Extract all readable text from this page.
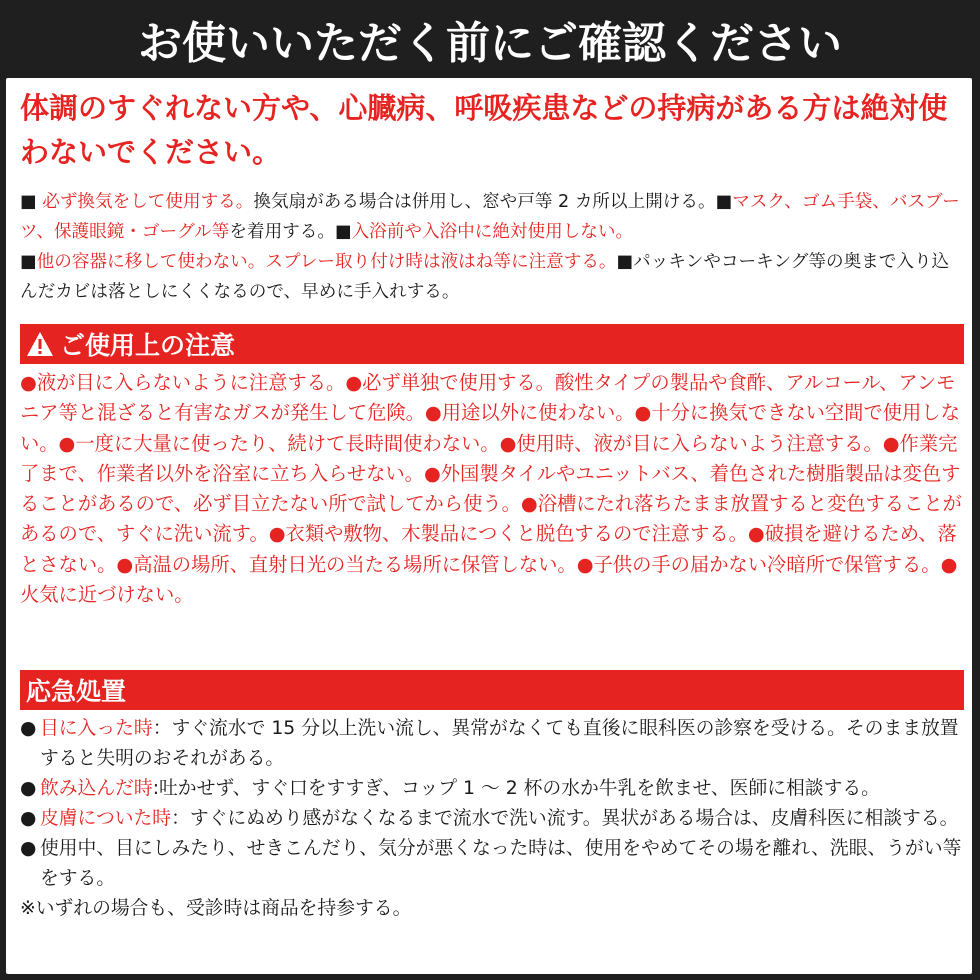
お使いいただく前にご確認ください
体調のすぐれない方や、心臓病、呼吸疾患などの持病がある方は絶対使わないでください。
■ 必ず換気をして使用する。換気扇がある場合は併用し、窓や戸等 2 カ所以上開ける。■マスク、ゴム手袋、バスブーツ、保護眼鏡・ゴーグル等を着用する。■入浴前や入浴中に絶対使用しない。
■他の容器に移して使わない。スプレー取り付け時は液はね等に注意する。■パッキンやコーキング等の奥まで入り込んだカビは落としにくくなるので、早めに手入れする。
ご使用上の注意
●液が目に入らないように注意する。●必ず単独で使用する。酸性タイプの製品や食酢、アルコール、アンモニア等と混ざると有害なガスが発生して危険。●用途以外に使わない。●十分に換気できない空間で使用しない。●一度に大量に使ったり、続けて長時間使わない。●使用時、液が目に入らないよう注意する。●作業完了まで、作業者以外を浴室に立ち入らせない。●外国製タイルやユニットバス、着色された樹脂製品は変色することがあるので、必ず目立たない所で試してから使う。●浴槽にたれ落ちたまま放置すると変色することがあるので、すぐに洗い流す。●衣類や敷物、木製品につくと脱色するので注意する。●破損を避けるため、落とさない。●高温の場所、直射日光の当たる場所に保管しない。●子供の手の届かない冷暗所で保管する。●火気に近づけない。
応急処置
● 目に入った時：すぐ流水で 15 分以上洗い流し、異常がなくても直後に眼科医の診察を受ける。そのまま放置すると失明のおそれがある。
● 飲み込んだ時:吐かせず、すぐ口をすすぎ、コップ 1 ～ 2 杯の水か牛乳を飲ませ、医師に相談する。
● 皮膚についた時：すぐにぬめり感がなくなるまで流水で洗い流す。異状がある場合は、皮膚科医に相談する。
● 使用中、目にしみたり、せきこんだり、気分が悪くなった時は、使用をやめてその場を離れ、洗眼、うがい等をする。
※いずれの場合も、受診時は商品を持参する。
